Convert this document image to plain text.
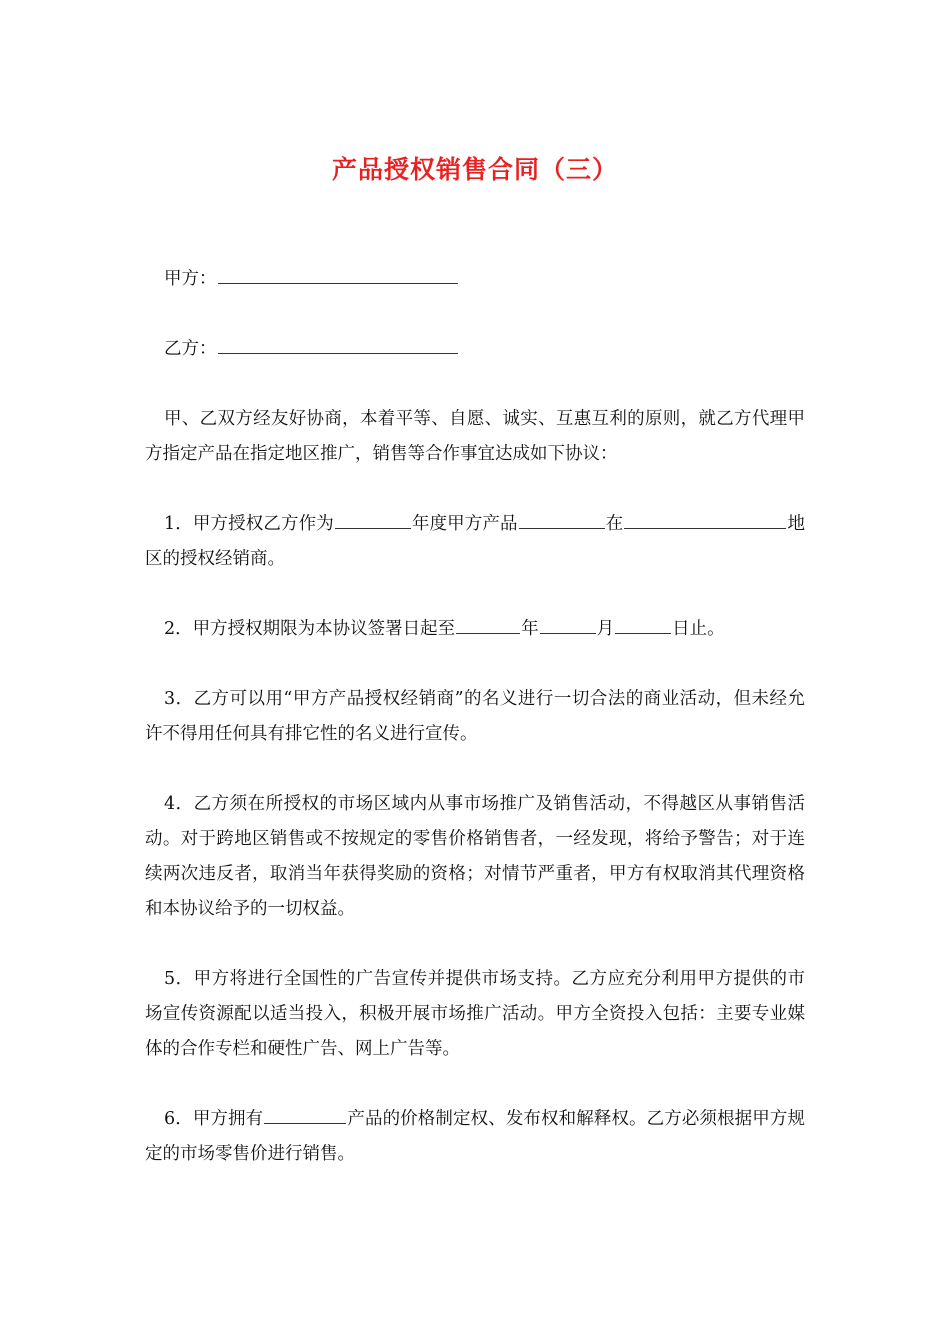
产品授权销售合同（三）

甲方：

乙方：

甲、乙双方经友好协商，本着平等、自愿、诚实、互惠互利的原则，就乙方代理甲方指定产品在指定地区推广，销售等合作事宜达成如下协议：

1．甲方授权乙方作为	年度甲方产品	在	地区的授权经销商。

2．甲方授权期限为本协议签署日起至	年	月	日止。

3．乙方可以用“甲方产品授权经销商”的名义进行一切合法的商业活动，但未经允许不得用任何具有排它性的名义进行宣传。

4．乙方须在所授权的市场区域内从事市场推广及销售活动，不得越区从事销售活动。对于跨地区销售或不按规定的零售价格销售者，一经发现，将给予警告；对于连续两次违反者，取消当年获得奖励的资格；对情节严重者，甲方有权取消其代理资格和本协议给予的一切权益。

5．甲方将进行全国性的广告宣传并提供市场支持。乙方应充分利用甲方提供的市场宣传资源配以适当投入，积极开展市场推广活动。甲方全资投入包括：主要专业媒体的合作专栏和硬性广告、网上广告等。

6．甲方拥有	产品的价格制定权、发布权和解释权。乙方必须根据甲方规定的市场零售价进行销售。
